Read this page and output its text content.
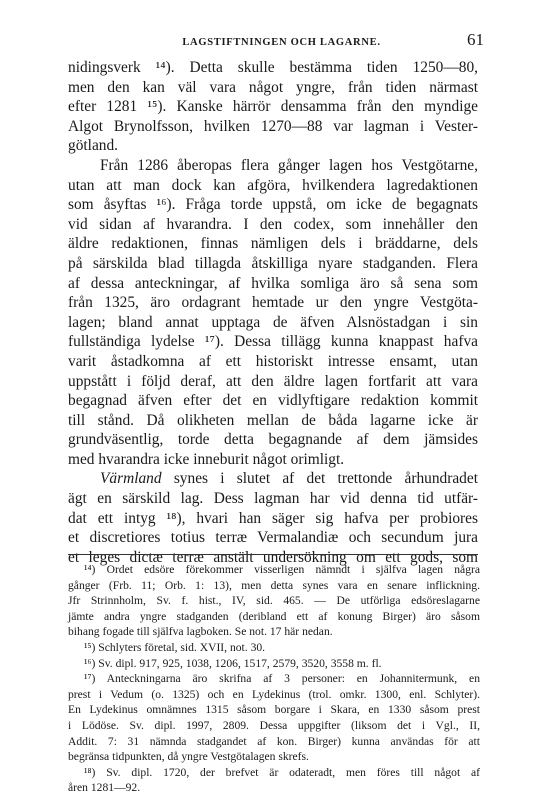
LAGSTIFTNINGEN OCH LAGARNE.	61
nidingsverk ¹⁴). Detta skulle bestämma tiden 1250—80,
men den kan väl vara något yngre, från tiden närmast
efter 1281 ¹⁵). Kanske härrör densamma från den myndige
Algot Brynolfsson, hvilken 1270—88 var lagman i Vester-
götland.
Från 1286 åberopas flera gånger lagen hos Vestgötarne,
utan att man dock kan afgöra, hvilkendera lagredaktionen
som åsyftas ¹⁶). Fråga torde uppstå, om icke de begagnats
vid sidan af hvarandra. I den codex, som innehåller den
äldre redaktionen, finnas nämligen dels i bräddarne, dels
på särskilda blad tillagda åtskilliga nyare stadganden. Flera
af dessa anteckningar, af hvilka somliga äro så sena som
från 1325, äro ordagrant hemtade ur den yngre Vestgöta-
lagen; bland annat upptaga de äfven Alsnöstadgan i sin
fullständiga lydelse ¹⁷). Dessa tillägg kunna knappast hafva
varit åstadkomna af ett historiskt intresse ensamt, utan
uppstått i följd deraf, att den äldre lagen fortfarit att vara
begagnad äfven efter det en vidlyftigare redaktion kommit
till stånd. Då olikheten mellan de båda lagarne icke är
grundväsentlig, torde detta begagnande af dem jämsides
med hvarandra icke inneburit något orimligt.
Värmland synes i slutet af det trettonde århundradet
ägt en särskild lag. Dess lagman har vid denna tid utfär-
dat ett intyg ¹⁸), hvari han säger sig hafva per probiores
et discretiores totius terræ Vermalandiæ och secundum jura
et leges dictæ terræ anstält undersökning om ett gods, som
¹⁴) Ordet edsöre förekommer visserligen nämndt i själfva lagen några
gånger (Frb. 11; Orb. 1: 13), men detta synes vara en senare inflickning.
Jfr Strinnholm, Sv. f. hist., IV, sid. 465. — De utförliga edsöreslagarne
jämte andra yngre stadganden (deribland ett af konung Birger) äro såsom
bihang fogade till själfva lagboken. Se not. 17 här nedan.
¹⁵) Schlyters företal, sid. XVII, not. 30.
¹⁶) Sv. dipl. 917, 925, 1038, 1206, 1517, 2579, 3520, 3558 m. fl.
¹⁷) Anteckningarna äro skrifna af 3 personer: en Johannitermunk, en
prest i Vedum (o. 1325) och en Lydekinus (trol. omkr. 1300, enl. Schlyter).
En Lydekinus omnämnes 1315 såsom borgare i Skara, en 1330 såsom prest
i Lödöse. Sv. dipl. 1997, 2809. Dessa uppgifter (liksom det i Vgl., II,
Addit. 7: 31 nämnda stadgandet af kon. Birger) kunna användas för att
begränsa tidpunkten, då yngre Vestgötalagen skrefs.
¹⁸) Sv. dipl. 1720, der brefvet är odateradt, men föres till något af
åren 1281—92.
